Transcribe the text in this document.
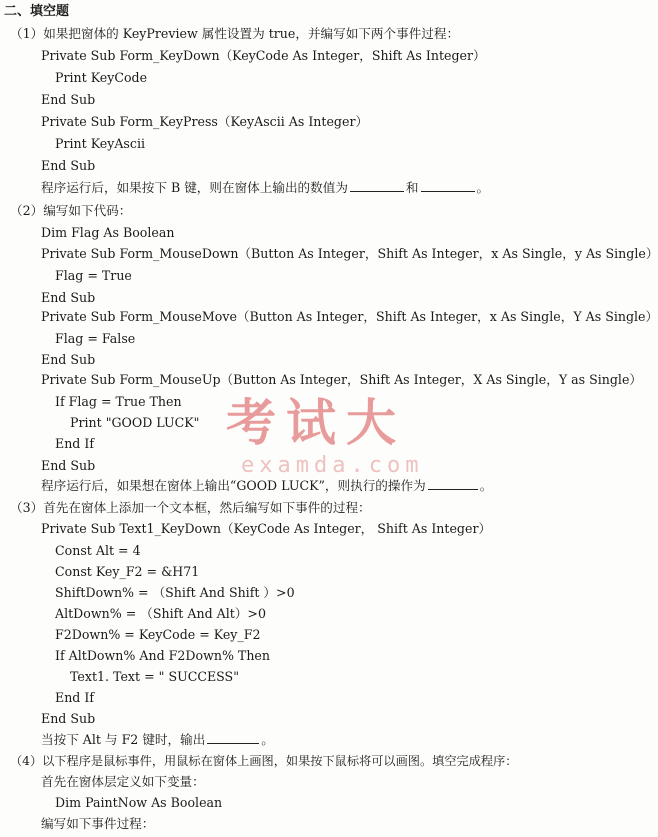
二、填空题
（1）如果把窗体的 KeyPreview 属性设置为 true，并编写如下两个事件过程：
Private Sub Form_KeyDown（KeyCode As Integer，Shift As Integer）
Print KeyCode
End Sub
Private Sub Form_KeyPress（KeyAscii As Integer）
Print KeyAscii
End Sub
程序运行后，如果按下 B 键，则在窗体上输出的数值为	和	。
（2）编写如下代码：
Dim Flag As Boolean
Private Sub Form_MouseDown（Button As Integer，Shift As Integer，x As Single，y As Single）
Flag = True
End Sub
Private Sub Form_MouseMove（Button As Integer，Shift As Integer，x As Single，Y As Single）
Flag = False
End Sub
Private Sub Form_MouseUp（Button As Integer，Shift As Integer，X As Single，Y as Single）
If Flag = True Then
Print "GOOD LUCK"
End If
End Sub
程序运行后，如果想在窗体上输出“GOOD LUCK”，则执行的操作为	。
（3）首先在窗体上添加一个文本框，然后编写如下事件的过程：
Private Sub Text1_KeyDown（KeyCode As Integer， Shift As Integer）
Const Alt = 4
Const Key_F2 = &H71
ShiftDown% = （Shift And Shift ）>0
AltDown% = （Shift And Alt）>0
F2Down% = KeyCode = Key_F2
If AltDown% And F2Down% Then
Text1. Text = " SUCCESS"
End If
End Sub
当按下 Alt 与 F2 键时，输出	。
（4）以下程序是鼠标事件，用鼠标在窗体上画图，如果按下鼠标将可以画图。填空完成程序：
首先在窗体层定义如下变量：
Dim PaintNow As Boolean
编写如下事件过程：
考试大
examda.com
